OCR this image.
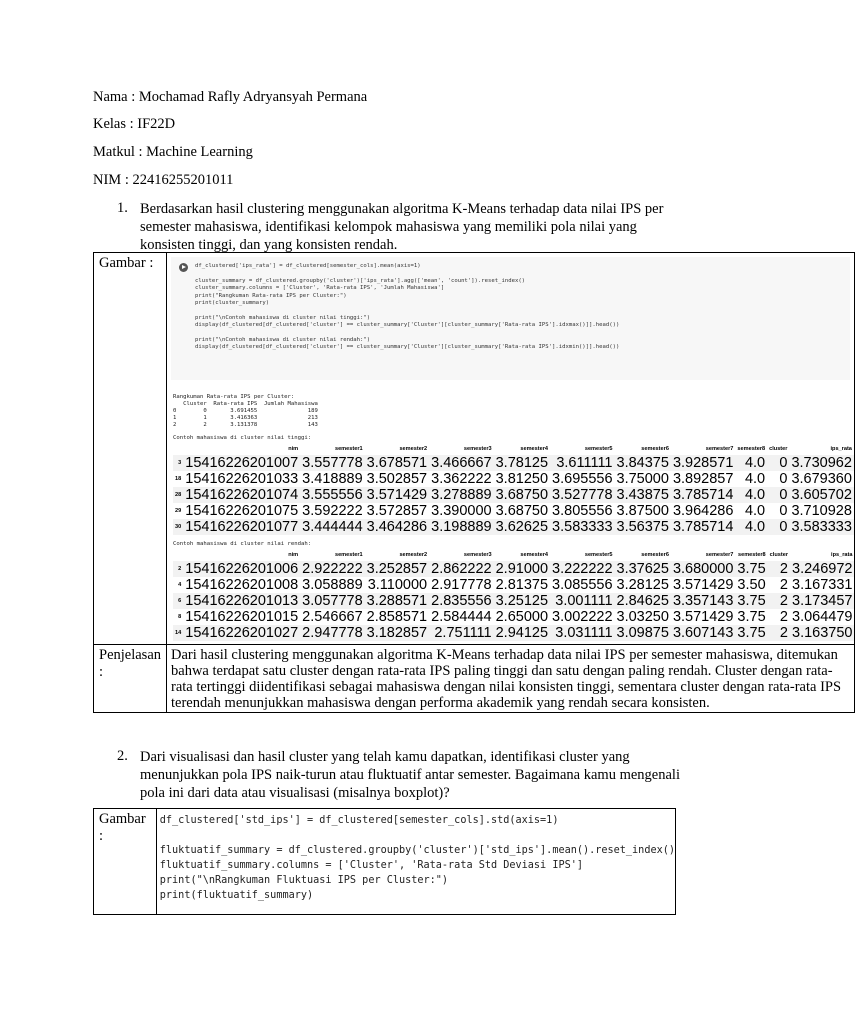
Nama : Mochamad Rafly Adryansyah Permana
Kelas : IF22D
Matkul : Machine Learning
NIM : 22416255201011
1. Berdasarkan hasil clustering menggunakan algoritma K-Means terhadap data nilai IPS per semester mahasiswa, identifikasi kelompok mahasiswa yang memiliki pola nilai yang konsisten tinggi, dan yang konsisten rendah.
Gambar :	df_clustered['ips_rata'] = df_clustered[semester_cols].mean(axis=1)
cluster_summary = df_clustered.groupby('cluster')['ips_rata'].agg(['mean', 'count']).reset_index()
cluster_summary.columns = ['Cluster', 'Rata-rata IPS', 'Jumlah Mahasiswa']
print("Rangkuman Rata-rata IPS per Cluster:")
print(cluster_summary)
print("\nContoh mahasiswa di cluster nilai tinggi:")
display(df_clustered[df_clustered['cluster'] == cluster_summary['Cluster'][cluster_summary['Rata-rata IPS'].idxmax()]].head())
print("\nContoh mahasiswa di cluster nilai rendah:")
display(df_clustered[df_clustered['cluster'] == cluster_summary['Cluster'][cluster_summary['Rata-rata IPS'].idxmin()]].head())
Rangkuman Rata-rata IPS per Cluster:
Cluster  Rata-rata IPS  Jumlah Mahasiswa
0        0       3.691455               189
1        1       3.416363               213
2        2       3.131378               143
Contoh mahasiswa di cluster nilai tinggi:
	nim	semester1	semester2	semester3	semester4	semester5	semester6	semester7	semester8	cluster	ips_rata
3	15416226201007	3.557778	3.678571	3.466667	3.78125	3.611111	3.84375	3.928571	4.0	0	3.730962
18	15416226201033	3.418889	3.502857	3.362222	3.81250	3.695556	3.75000	3.892857	4.0	0	3.679360
28	15416226201074	3.555556	3.571429	3.278889	3.68750	3.527778	3.43875	3.785714	4.0	0	3.605702
29	15416226201075	3.592222	3.572857	3.390000	3.68750	3.805556	3.87500	3.964286	4.0	0	3.710928
30	15416226201077	3.444444	3.464286	3.198889	3.62625	3.583333	3.56375	3.785714	4.0	0	3.583333
Contoh mahasiswa di cluster nilai rendah:
	nim	semester1	semester2	semester3	semester4	semester5	semester6	semester7	semester8	cluster	ips_rata
2	15416226201006	2.922222	3.252857	2.862222	2.91000	3.222222	3.37625	3.680000	3.75	2	3.246972
4	15416226201008	3.058889	3.110000	2.917778	2.81375	3.085556	3.28125	3.571429	3.50	2	3.167331
6	15416226201013	3.057778	3.288571	2.835556	3.25125	3.001111	2.84625	3.357143	3.75	2	3.173457
8	15416226201015	2.546667	2.858571	2.584444	2.65000	3.002222	3.03250	3.571429	3.75	2	3.064479
14	15416226201027	2.947778	3.182857	2.751111	2.94125	3.031111	3.09875	3.607143	3.75	2	3.163750

Penjelasan :	Dari hasil clustering menggunakan algoritma K-Means terhadap data nilai IPS per semester mahasiswa, ditemukan bahwa terdapat satu cluster dengan rata-rata IPS paling tinggi dan satu dengan paling rendah. Cluster dengan rata-rata tertinggi diidentifikasi sebagai mahasiswa dengan nilai konsisten tinggi, sementara cluster dengan rata-rata IPS terendah menunjukkan mahasiswa dengan performa akademik yang rendah secara konsisten.
2. Dari visualisasi dan hasil cluster yang telah kamu dapatkan, identifikasi cluster yang menunjukkan pola IPS naik-turun atau fluktuatif antar semester. Bagaimana kamu mengenali pola ini dari data atau visualisasi (misalnya boxplot)?
Gambar :	
df_clustered['std_ips'] = df_clustered[semester_cols].std(axis=1)
fluktuatif_summary = df_clustered.groupby('cluster')['std_ips'].mean().reset_index()
fluktuatif_summary.columns = ['Cluster', 'Rata-rata Std Deviasi IPS']
print("\nRangkuman Fluktuasi IPS per Cluster:")
print(fluktuatif_summary)
